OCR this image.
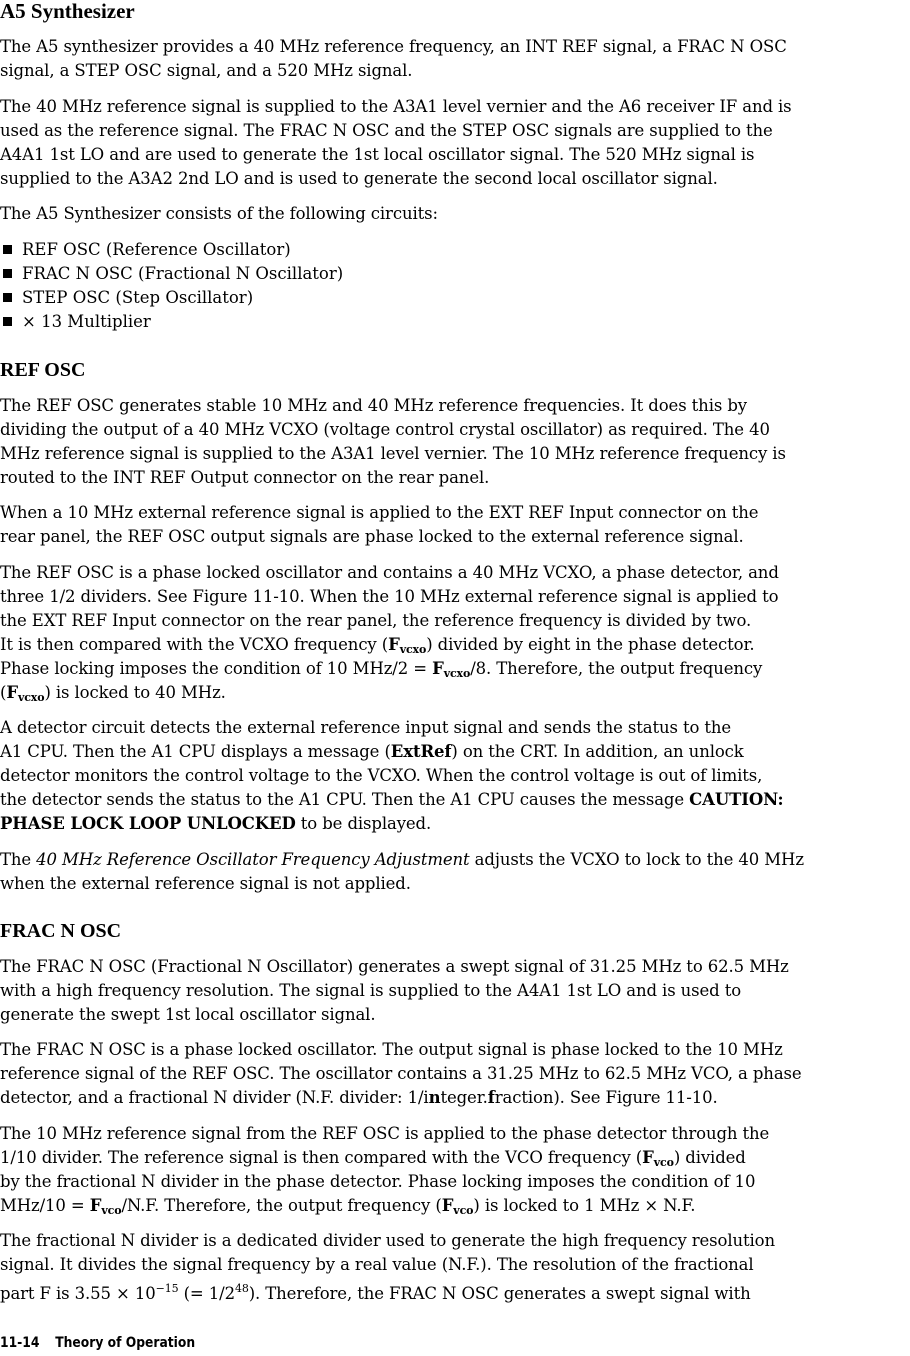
A5 Synthesizer

The A5 synthesizer provides a 40 MHz reference frequency, an INT REF signal, a FRAC N OSC
signal, a STEP OSC signal, and a 520 MHz signal.

The 40 MHz reference signal is supplied to the A3A1 level vernier and the A6 receiver IF and is
used as the reference signal. The FRAC N OSC and the STEP OSC signals are supplied to the
A4A1 1st LO and are used to generate the 1st local oscillator signal. The 520 MHz signal is
supplied to the A3A2 2nd LO and is used to generate the second local oscillator signal.

The A5 Synthesizer consists of the following circuits:

REF OSC (Reference Oscillator)
FRAC N OSC (Fractional N Oscillator)
STEP OSC (Step Oscillator)
× 13 Multiplier
REF OSC

The REF OSC generates stable 10 MHz and 40 MHz reference frequencies. It does this by
dividing the output of a 40 MHz VCXO (voltage control crystal oscillator) as required. The 40
MHz reference signal is supplied to the A3A1 level vernier. The 10 MHz reference frequency is
routed to the INT REF Output connector on the rear panel.

When a 10 MHz external reference signal is applied to the EXT REF Input connector on the
rear panel, the REF OSC output signals are phase locked to the external reference signal.

The REF OSC is a phase locked oscillator and contains a 40 MHz VCXO, a phase detector, and
three 1/2 dividers. See Figure 11-10. When the 10 MHz external reference signal is applied to
the EXT REF Input connector on the rear panel, the reference frequency is divided by two.
It is then compared with the VCXO frequency $(F_{vcxo})$ divided by eight in the phase detector.
Phase locking imposes the condition of 10 $MHz/2 = F_{vcxo}/8$. Therefore, the output frequency
$(F_{vcxo})$ is locked to 40 MHz.

A detector circuit detects the external reference input signal and sends the status to the
A1 CPU. Then the A1 CPU displays a message (ExtRef) on the CRT. In addition, an unlock
detector monitors the control voltage to the VCXO. When the control voltage is out of limits,
the detector sends the status to the A1 CPU. Then the A1 CPU causes the message CAUTION:
PHASE LOCK LOOP UNLOCKED to be displayed.

The 40 MHz Reference Oscillator Frequency Adjustment adjusts the VCXO to lock to the 40 MHz
when the external reference signal is not applied.

FRAC N OSC

The FRAC N OSC (Fractional N Oscillator) generates a swept signal of 31.25 MHz to 62.5 MHz
with a high frequency resolution. The signal is supplied to the A4A1 1st LO and is used to
generate the swept 1st local oscillator signal.

The FRAC N OSC is a phase locked oscillator. The output signal is phase locked to the 10 MHz
reference signal of the REF OSC. The oscillator contains a 31.25 MHz to 62.5 MHz VCO, a phase
detector, and a fractional N divider (N.F. divider: 1/integer.fraction). See Figure 11-10.

The 10 MHz reference signal from the REF OSC is applied to the phase detector through the
1/10 divider. The reference signal is then compared with the VCO frequency $(F_{vco})$ divided
by the fractional N divider in the phase detector. Phase locking imposes the condition of 10
$MHz/10 = F_{vco}/N.F$. Therefore, the output frequency $(F_{vco})$ is locked to 1 MHz × N.F.

The fractional N divider is a dedicated divider used to generate the high frequency resolution
signal. It divides the signal frequency by a real value (N.F.). The resolution of the fractional
part F is $3.55 \times 10^{-15}$ (= $1/2^{48}$). Therefore, the FRAC N OSC generates a swept signal with

11-14 Theory of Operation
